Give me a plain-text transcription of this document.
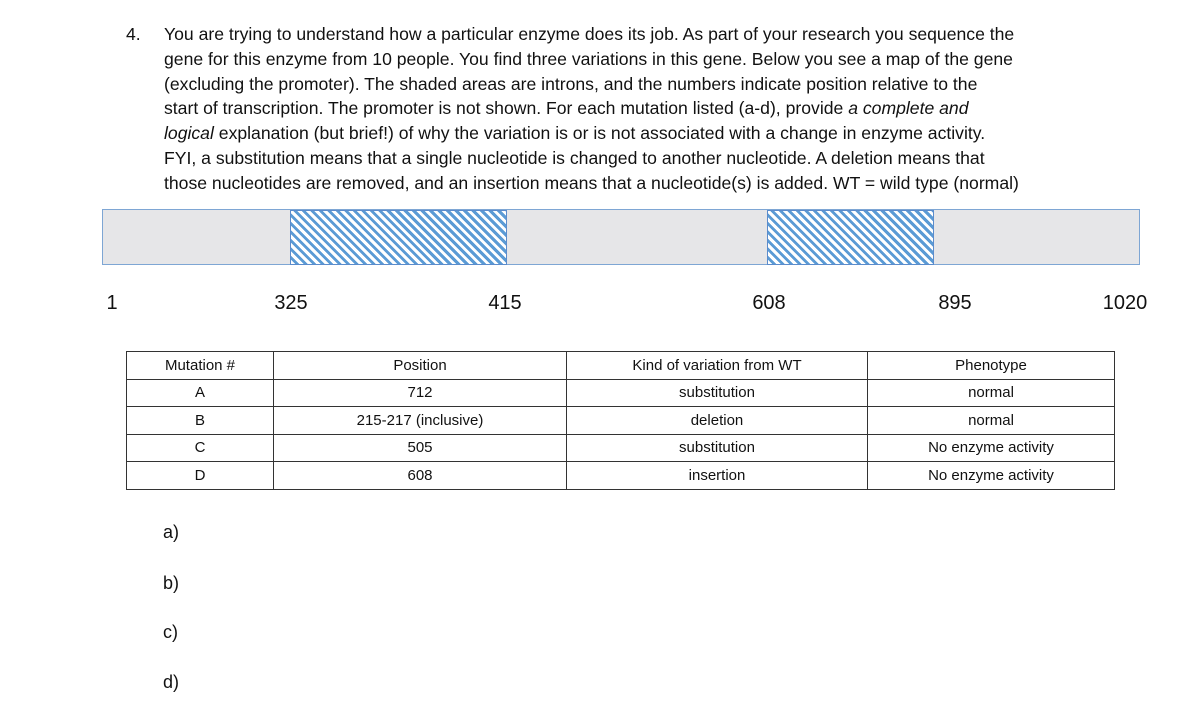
4. You are trying to understand how a particular enzyme does its job. As part of your research you sequence the
gene for this enzyme from 10 people. You find three variations in this gene. Below you see a map of the gene
(excluding the promoter). The shaded areas are introns, and the numbers indicate position relative to the
start of transcription. The promoter is not shown. For each mutation listed (a-d), provide a complete and
logical explanation (but brief!) of why the variation is or is not associated with a change in enzyme activity.
FYI, a substitution means that a single nucleotide is changed to another nucleotide. A deletion means that
those nucleotides are removed, and an insertion means that a nucleotide(s) is added. WT = wild type (normal)
1	325	415	608	895	1020
Mutation #	Position	Kind of variation from WT	Phenotype
A	712	substitution	normal
B	215-217 (inclusive)	deletion	normal
C	505	substitution	No enzyme activity
D	608	insertion	No enzyme activity
a)
b)
c)
d)
